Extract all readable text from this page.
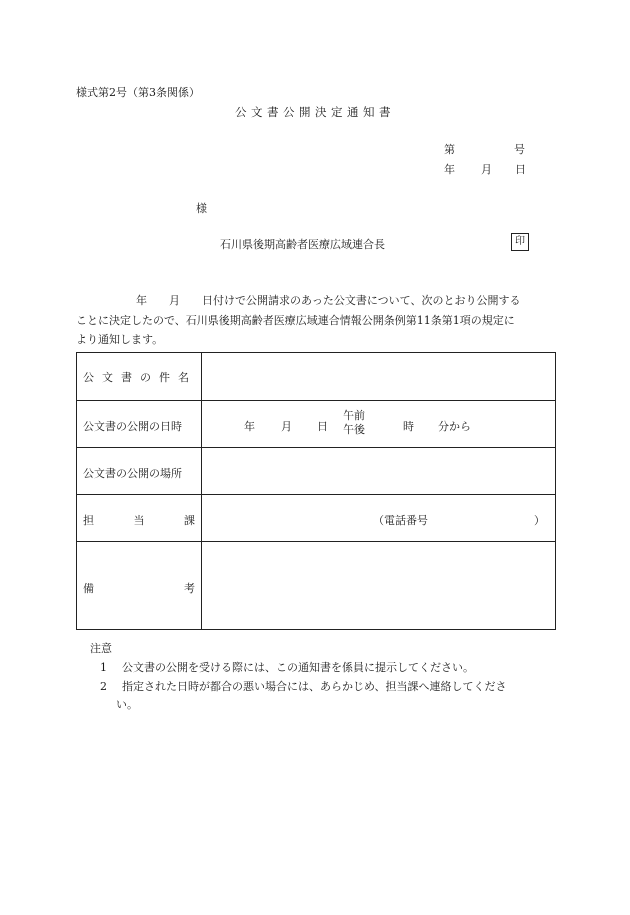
様式第2号（第3条関係）
公文書公開決定通知書
第	号
年 月 日
様
石川県後期高齢者医療広域連合長	印
年 月 日付けで公開請求のあった公文書について、次のとおり公開する
ことに決定したので、石川県後期高齢者医療広域連合情報公開条例第11条第1項の規定に
より通知します。
公 文 書 の 件 名
公文書の公開の日時	年 月 日
午前
午後	時 分から
公文書の公開の場所
担	当	課	（電話番号	）
備	考
注意
1 公文書の公開を受ける際には、この通知書を係員に提示してください。
2 指定された日時が都合の悪い場合には、あらかじめ、担当課へ連絡してくださ
い。
